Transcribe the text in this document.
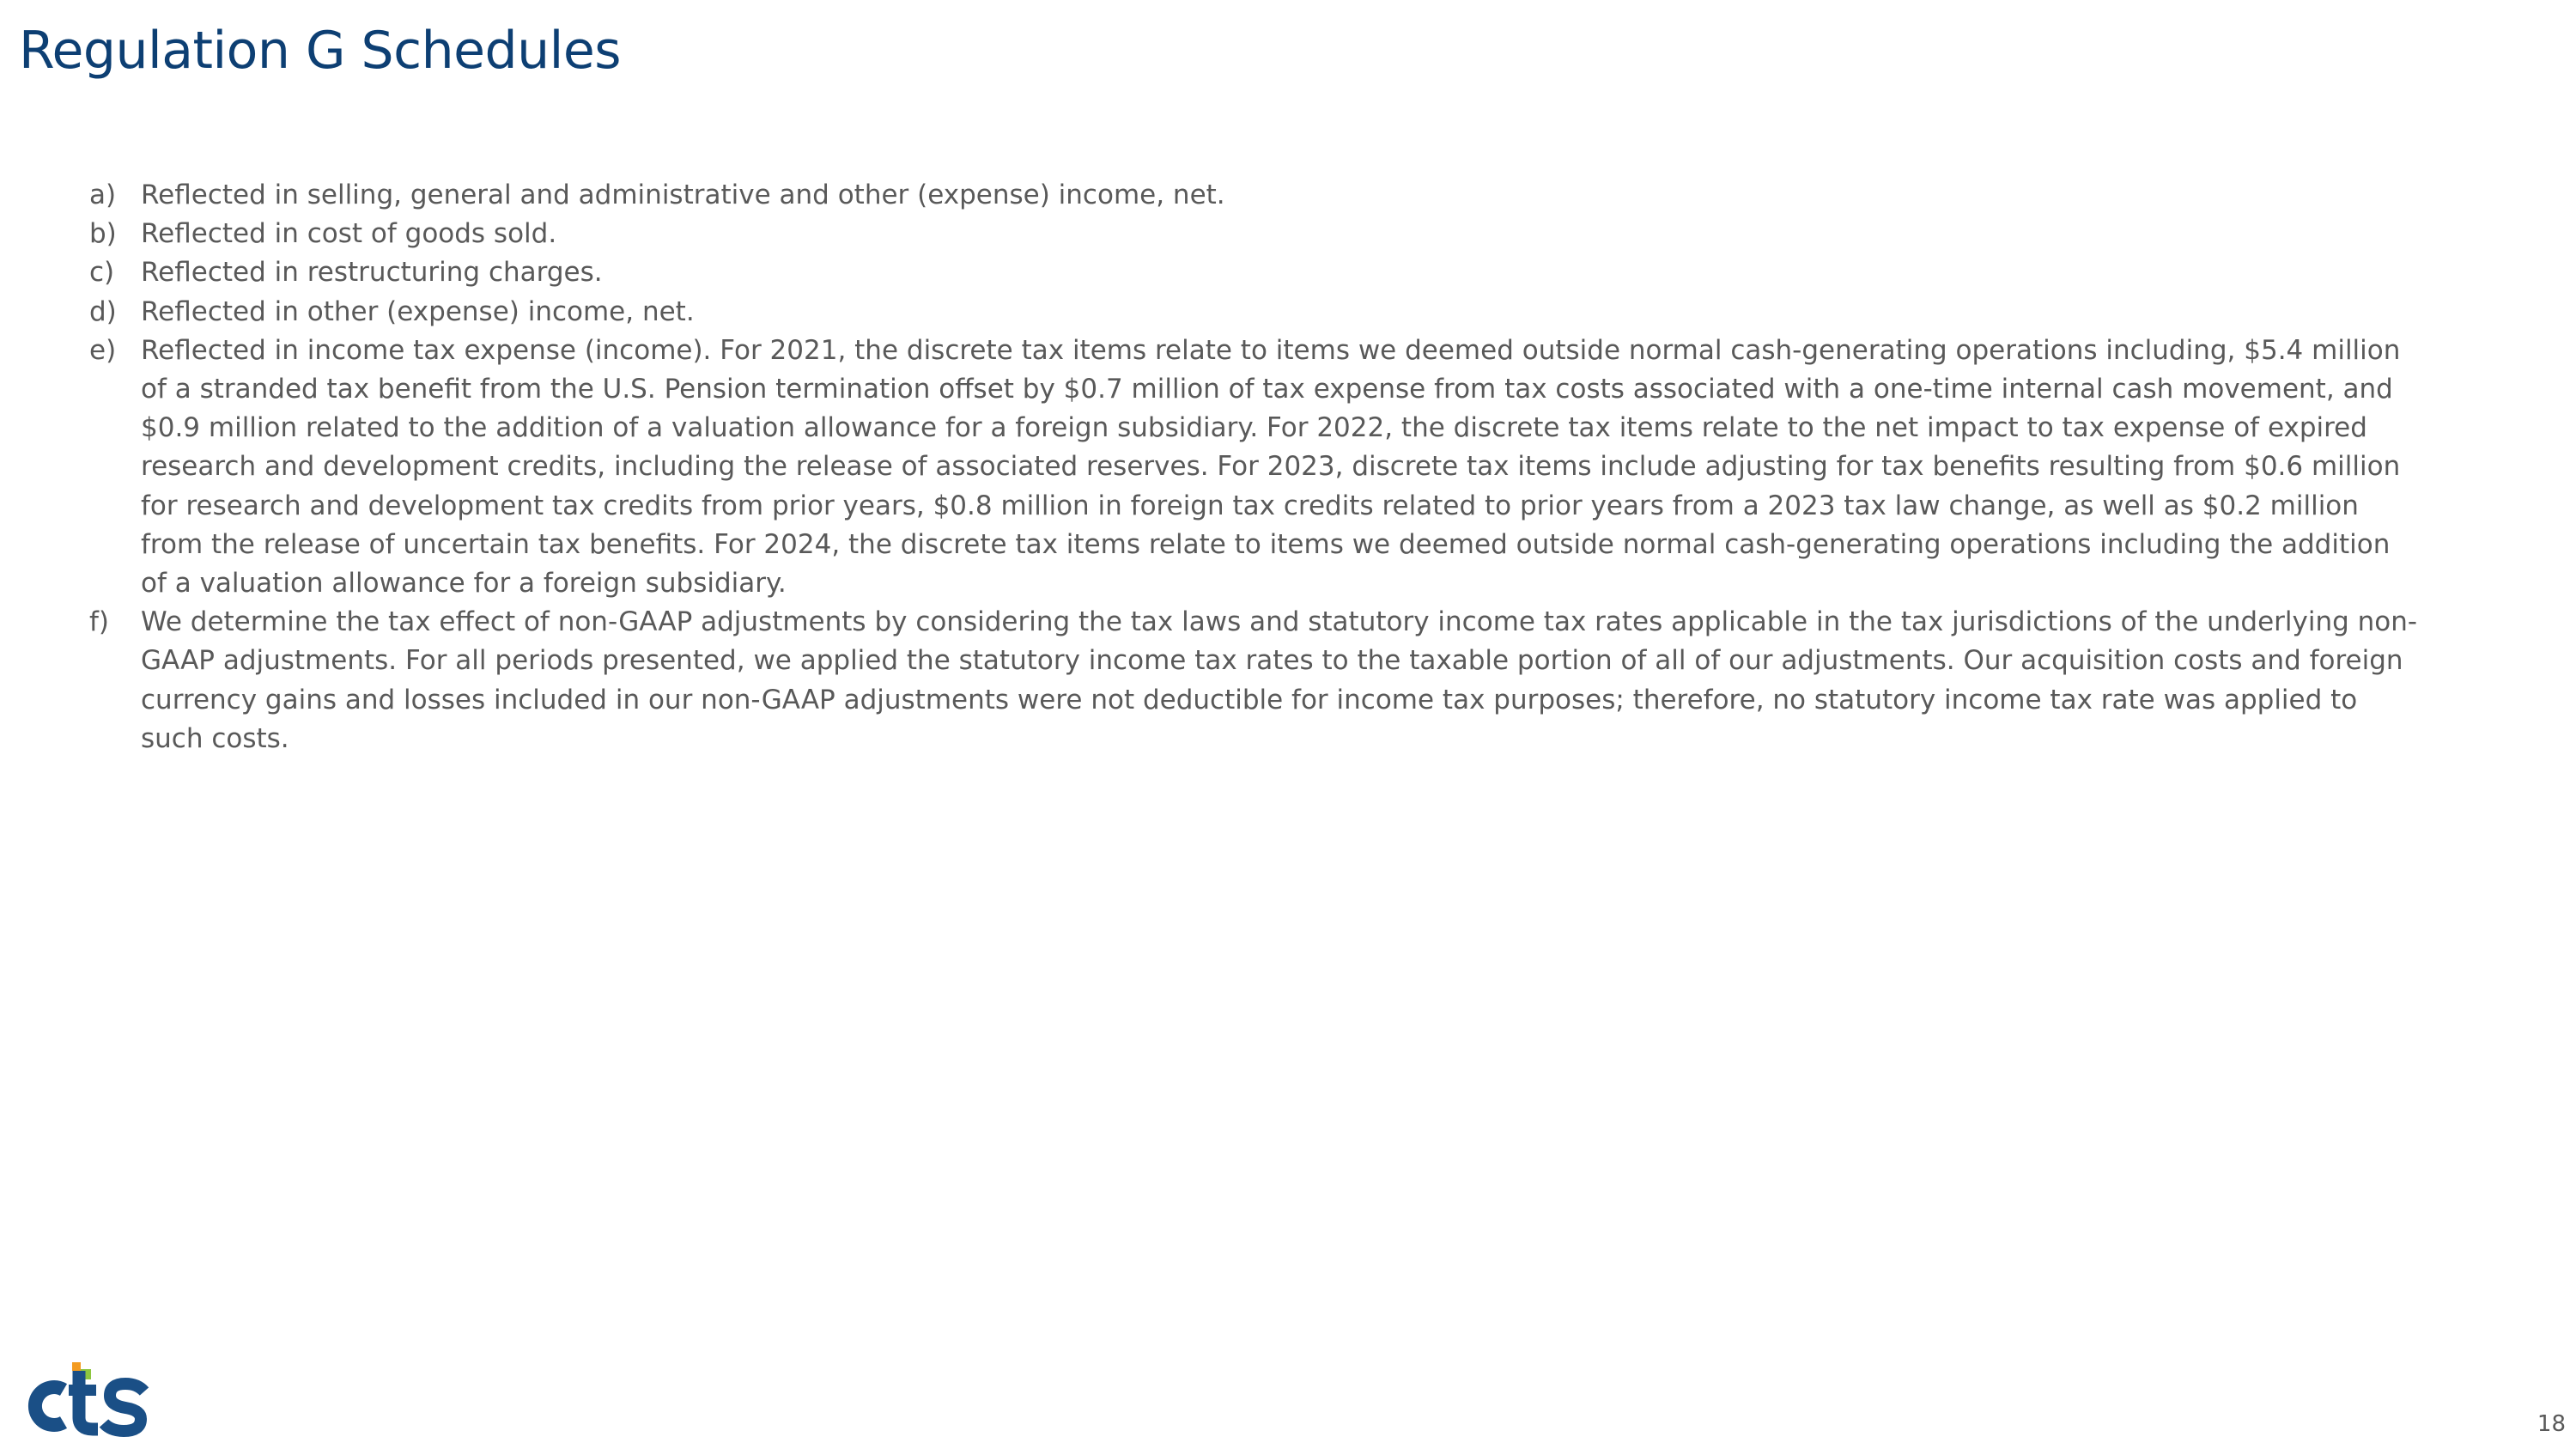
Regulation G Schedules
a) Reflected in selling, general and administrative and other (expense) income, net.
b) Reflected in cost of goods sold.
c) Reflected in restructuring charges.
d) Reflected in other (expense) income, net.
e) Reflected in income tax expense (income). For 2021, the discrete tax items relate to items we deemed outside normal cash-generating operations including, $5.4 million of a stranded tax benefit from the U.S. Pension termination offset by $0.7 million of tax expense from tax costs associated with a one-time internal cash movement, and $0.9 million related to the addition of a valuation allowance for a foreign subsidiary. For 2022, the discrete tax items relate to the net impact to tax expense of expired research and development credits, including the release of associated reserves. For 2023, discrete tax items include adjusting for tax benefits resulting from $0.6 million for research and development tax credits from prior years, $0.8 million in foreign tax credits related to prior years from a 2023 tax law change, as well as $0.2 million from the release of uncertain tax benefits. For 2024, the discrete tax items relate to items we deemed outside normal cash-generating operations including the addition of a valuation allowance for a foreign subsidiary.
f) We determine the tax effect of non-GAAP adjustments by considering the tax laws and statutory income tax rates applicable in the tax jurisdictions of the underlying non-GAAP adjustments. For all periods presented, we applied the statutory income tax rates to the taxable portion of all of our adjustments. Our acquisition costs and foreign currency gains and losses included in our non-GAAP adjustments were not deductible for income tax purposes; therefore, no statutory income tax rate was applied to such costs.
18
